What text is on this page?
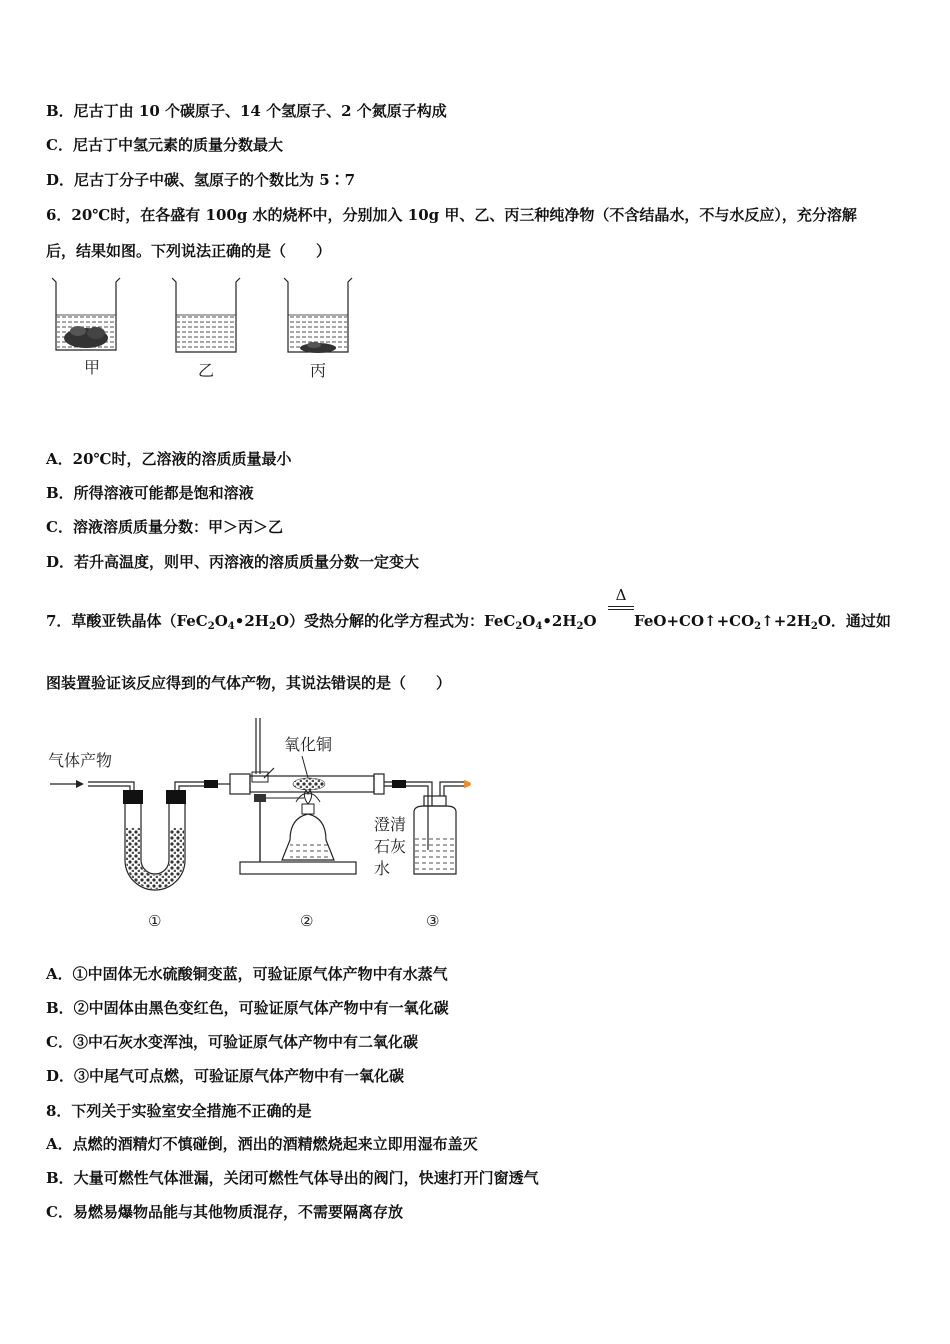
B．尼古丁由 10 个碳原子、14 个氢原子、2 个氮原子构成
C．尼古丁中氢元素的质量分数最大
D．尼古丁分子中碳、氢原子的个数比为 5∶7
6．20℃时，在各盛有 100g 水的烧杯中，分别加入 10g 甲、乙、丙三种纯净物（不含结晶水，不与水反应），充分溶解
后，结果如图。下列说法正确的是（　　）
甲	乙	丙
A．20℃时，乙溶液的溶质质量最小
B．所得溶液可能都是饱和溶液
C．溶液溶质质量分数：甲＞丙＞乙
D．若升高温度，则甲、丙溶液的溶质质量分数一定变大
Δ
7．草酸亚铁晶体$(FeC_2O_4•2H_2O)$受热分解的化学方程式为：$FeC_2O_4•2H_2O$ $FeO+CO↑+CO_2↑+2H_2O$．通过如
图装置验证该反应得到的气体产物，其说法错误的是（　　）
气体产物
氧化铜
澄清
石灰
水
①	②	③
A．①中固体无水硫酸铜变蓝，可验证原气体产物中有水蒸气
B．②中固体由黑色变红色，可验证原气体产物中有一氧化碳
C．③中石灰水变浑浊，可验证原气体产物中有二氧化碳
D．③中尾气可点燃，可验证原气体产物中有一氧化碳
8．下列关于实验室安全措施不正确的是
A．点燃的酒精灯不慎碰倒，洒出的酒精燃烧起来立即用湿布盖灭
B．大量可燃性气体泄漏，关闭可燃性气体导出的阀门，快速打开门窗透气
C．易燃易爆物品能与其他物质混存，不需要隔离存放
